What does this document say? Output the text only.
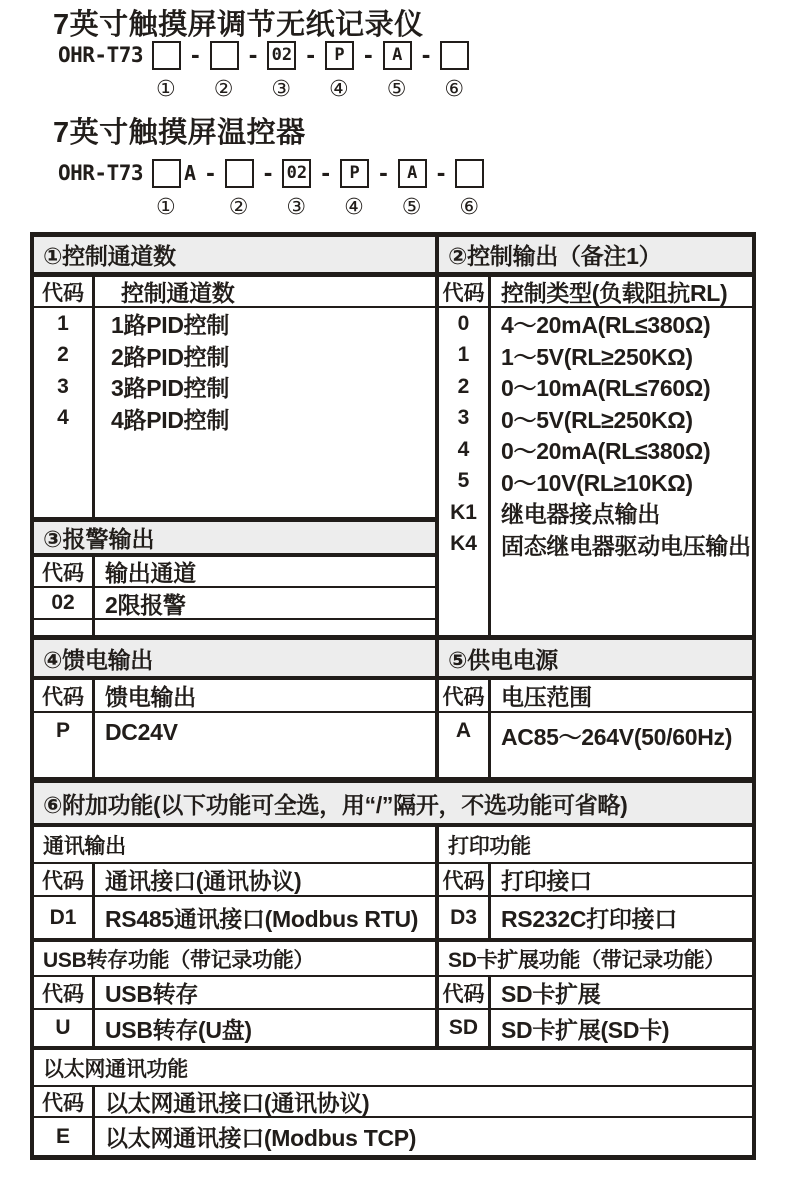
7英寸触摸屏调节无纸记录仪
OHR-T73
①
-
②
- 02
③
-	P
④
-	A
⑤
-
⑥
7英寸触摸屏温控器
OHR-T73 A
①
-
②
- 02
③
-	P
④
-	A
⑤
-
⑥
①控制通道数	②控制输出（备注1）
代码	控制通道数
1	1路PID控制
2	2路PID控制
3	3路PID控制
4	4路PID控制
③报警输出
代码 输出通道
02	2限报警
代码 控制类型(负载阻抗RL)
0	4～20mA(RL≤380Ω)
1	1～5V(RL≥250KΩ)
2	0～10mA(RL≤760Ω)
3	0～5V(RL≥250KΩ)
4	0～20mA(RL≤380Ω)
5	0～10V(RL≥10KΩ)
K1	继电器接点输出
K4	固态继电器驱动电压输出
④馈电输出	⑤供电电源
代码 馈电输出
P	DC24V
代码 电压范围
A	AC85～264V(50/60Hz)
⑥附加功能(以下功能可全选，用“/”隔开，不选功能可省略)
通讯输出
代码 通讯接口(通讯协议)
D1	RS485通讯接口(Modbus RTU)
打印功能
代码 打印接口
D3	RS232C打印接口
USB转存功能（带记录功能）
代码 USB转存
U	USB转存(U盘)
SD卡扩展功能（带记录功能）
代码 SD卡扩展
SD SD卡扩展(SD卡)
以太网通讯功能
代码 以太网通讯接口(通讯协议)
E	以太网通讯接口(Modbus TCP)
